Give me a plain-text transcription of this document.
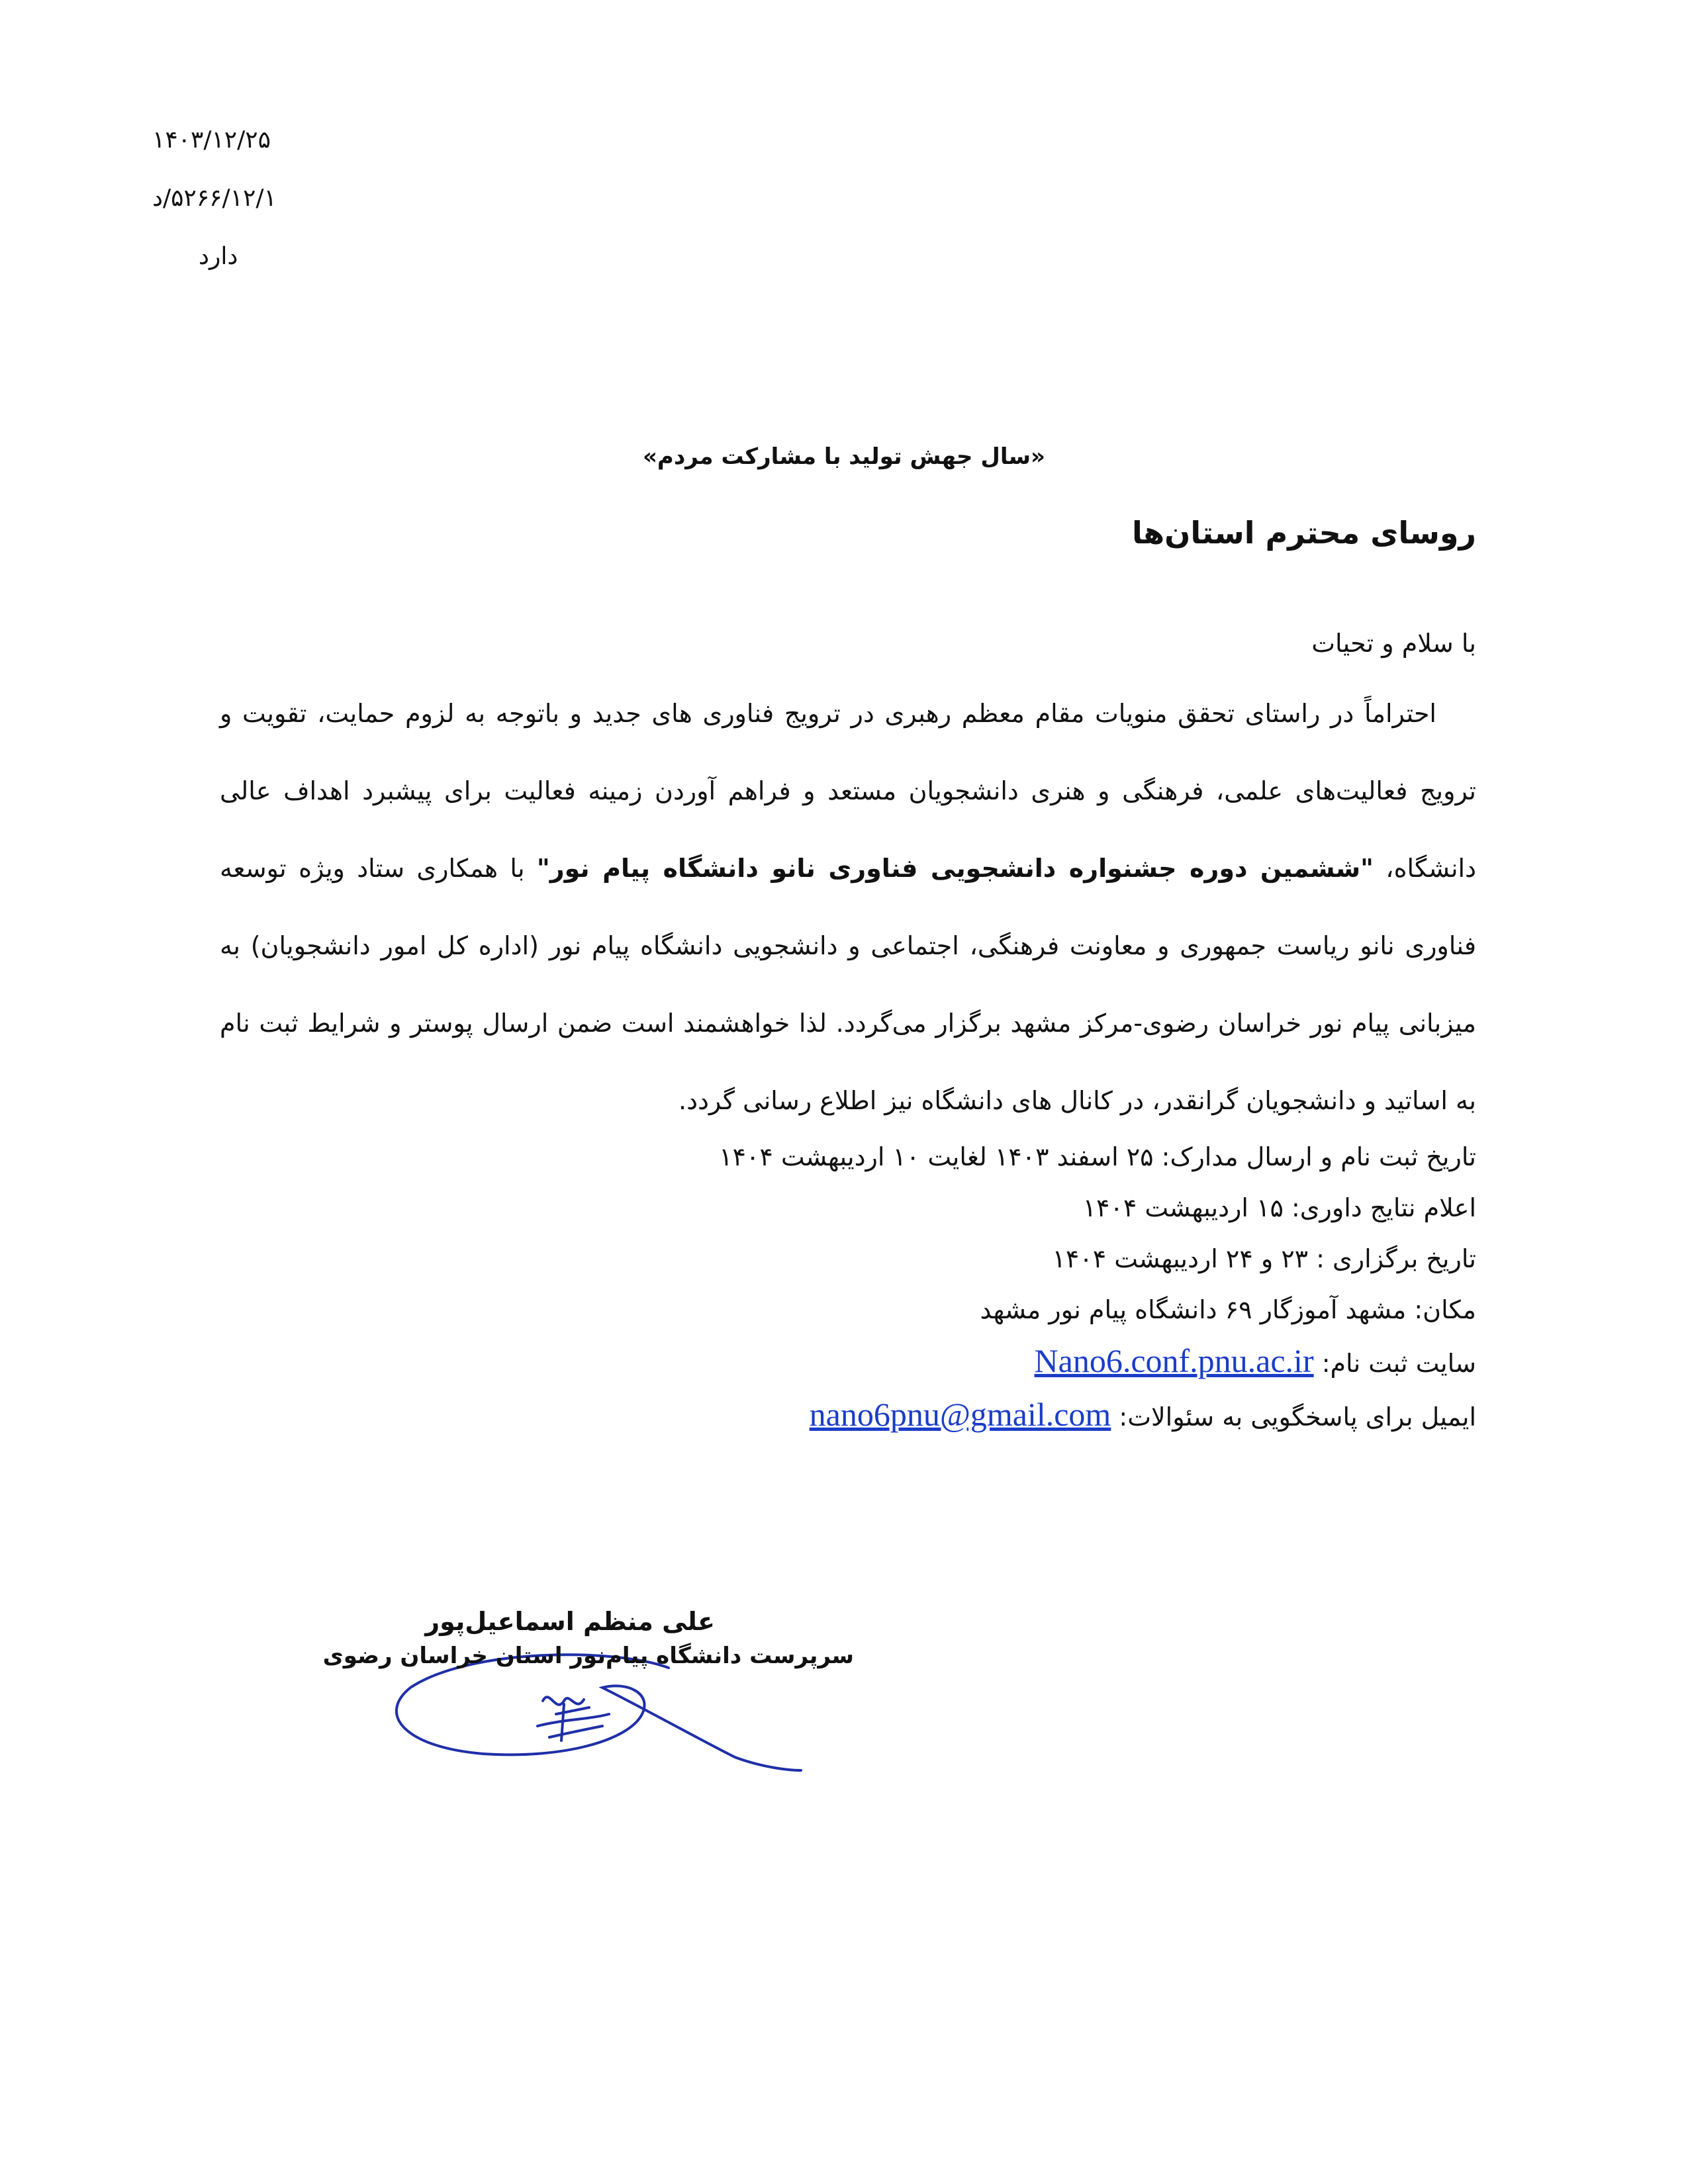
۱۴۰۳/۱۲/۲۵
۵۲۶۶/۱۲/۱/د
دارد
«سال جهش تولید با مشارکت مردم»
روسای محترم استان‌ها
با سلام و تحیات
احتراماً در راستای تحقق منویات مقام معظم رهبری در ترویج فناوری های جدید و باتوجه به لزوم حمایت، تقویت و ترویج فعالیت‌های علمی، فرهنگی و هنری دانشجویان مستعد و فراهم آوردن زمینه فعالیت برای پیشبرد اهداف عالی دانشگاه، "ششمین دوره جشنواره دانشجویی فناوری نانو دانشگاه پیام نور" با همکاری ستاد ویژه توسعه فناوری نانو ریاست جمهوری و معاونت فرهنگی، اجتماعی و دانشجویی دانشگاه پیام نور (اداره کل امور دانشجویان) به میزبانی پیام نور خراسان رضوی-مرکز مشهد برگزار می‌گردد. لذا خواهشمند است ضمن ارسال پوستر و شرایط ثبت نام به اساتید و دانشجویان گرانقدر، در کانال های دانشگاه نیز اطلاع رسانی گردد.
تاریخ ثبت نام و ارسال مدارک: ۲۵ اسفند ۱۴۰۳ لغایت ۱۰ اردیبهشت ۱۴۰۴
اعلام نتایج داوری: ۱۵ اردیبهشت ۱۴۰۴
تاریخ برگزاری : ۲۳ و ۲۴ اردیبهشت ۱۴۰۴
مکان: مشهد آموزگار ۶۹ دانشگاه پیام نور مشهد
سایت ثبت نام: Nano6.conf.pnu.ac.ir
ایمیل برای پاسخگویی به سئوالات: nano6pnu@gmail.com
علی منظم اسماعیل‌پور
سرپرست دانشگاه پیام‌نور استان خراسان رضوی
